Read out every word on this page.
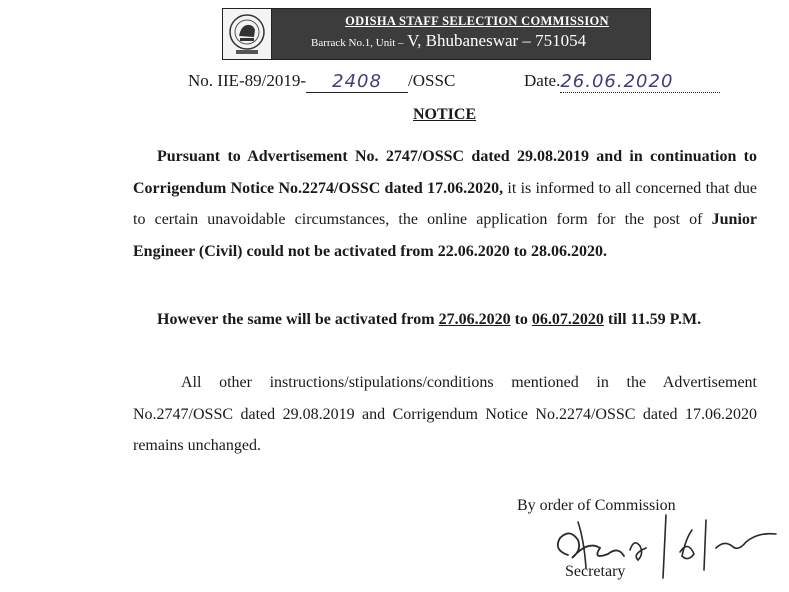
ODISHA STAFF SELECTION COMMISSION
Barrack No.1, Unit – V, Bhubaneswar – 751054
No. IIE-89/2019- 2408 /OSSC	Date.26.06.2020
NOTICE
Pursuant to Advertisement No. 2747/OSSC dated 29.08.2019 and in continuation to Corrigendum Notice No.2274/OSSC dated 17.06.2020, it is informed to all concerned that due to certain unavoidable circumstances, the online application form for the post of Junior Engineer (Civil) could not be activated from 22.06.2020 to 28.06.2020.
However the same will be activated from 27.06.2020 to 06.07.2020 till 11.59 P.M.
All other instructions/stipulations/conditions mentioned in the Advertisement No.2747/OSSC dated 29.08.2019 and Corrigendum Notice No.2274/OSSC dated 17.06.2020 remains unchanged.
By order of Commission
Secretary
